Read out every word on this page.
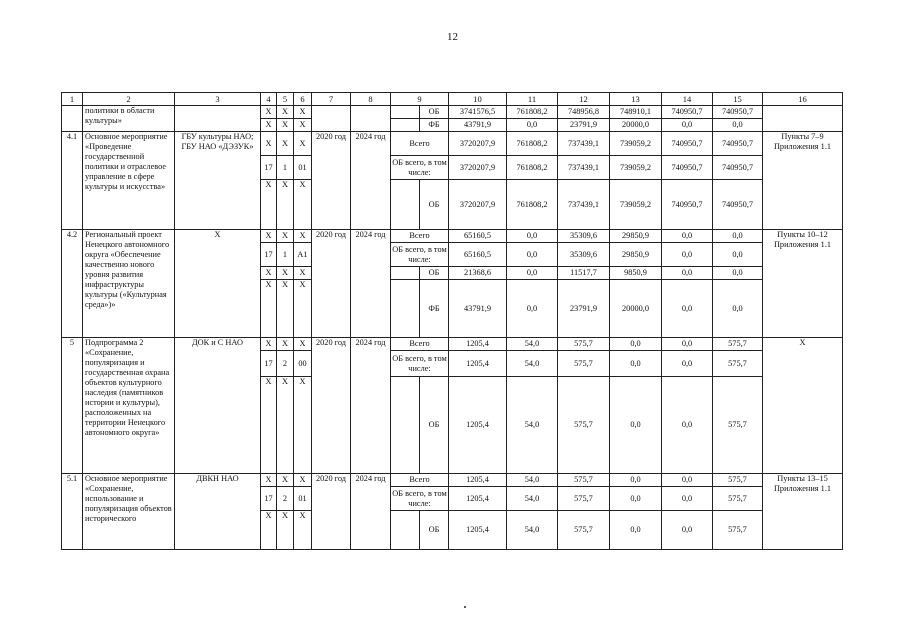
12
1	2	3	4	5	6	7	8	9		10	11	12	13	14	15	16
	политики в области культуры»		Х	Х	Х				ОБ	3741576,5	761808,2	748956,8	748910,1	740950,7	740950,7	
			Х	Х	Х				ФБ	43791,9	0,0	23791,9	20000,0	0,0	0,0	
4.1	Основное мероприятие «Проведение государственной политики и отраслевое управление в сфере культуры и искусства»	ГБУ культуры НАО; ГБУ НАО «ДЭЗУК»	Х	Х	Х	2020 год	2024 год	Всего		3720207,9	761808,2	737439,1	739059,2	740950,7	740950,7	Пункты 7–9 Приложения 1.1
			17	1	01			ОБ всего, в том числе:		3720207,9	761808,2	737439,1	739059,2	740950,7	740950,7	
			Х	Х	Х				ОБ	3720207,9	761808,2	737439,1	739059,2	740950,7	740950,7	
4.2	Региональный проект Ненецкого автономного округа «Обеспечение качественно нового уровня развития инфраструктуры культуры («Культурная среда»)»	Х	Х	Х	Х	2020 год	2024 год	Всего		65160,5	0,0	35309,6	29850,9	0,0	0,0	Пункты 10–12 Приложения 1.1
			17	1	А1			ОБ всего, в том числе:		65160,5	0,0	35309,6	29850,9	0,0	0,0	
			Х	Х	Х				ОБ	21368,6	0,0	11517,7	9850,9	0,0	0,0	
			Х	Х	Х				ФБ	43791,9	0,0	23791,9	20000,0	0,0	0,0	
5	Подпрограмма 2 «Сохранение, популяризация и государственная охрана объектов культурного наследия (памятников истории и культуры), расположенных на территории Ненецкого автономного округа»	ДОК и С НАО	Х	Х	Х	2020 год	2024 год	Всего		1205,4	54,0	575,7	0,0	0,0	575,7	Х
			17	2	00			ОБ всего, в том числе:		1205,4	54,0	575,7	0,0	0,0	575,7	
			Х	Х	Х				ОБ	1205,4	54,0	575,7	0,0	0,0	575,7	
5.1	Основное мероприятие «Сохранение, использование и популяризация объектов исторического	ДВКН НАО	Х	Х	Х	2020 год	2024 год	Всего		1205,4	54,0	575,7	0,0	0,0	575,7	Пункты 13–15 Приложения 1.1
			17	2	01			ОБ всего, в том числе:		1205,4	54,0	575,7	0,0	0,0	575,7	
			Х	Х	Х				ОБ	1205,4	54,0	575,7	0,0	0,0	575,7	
